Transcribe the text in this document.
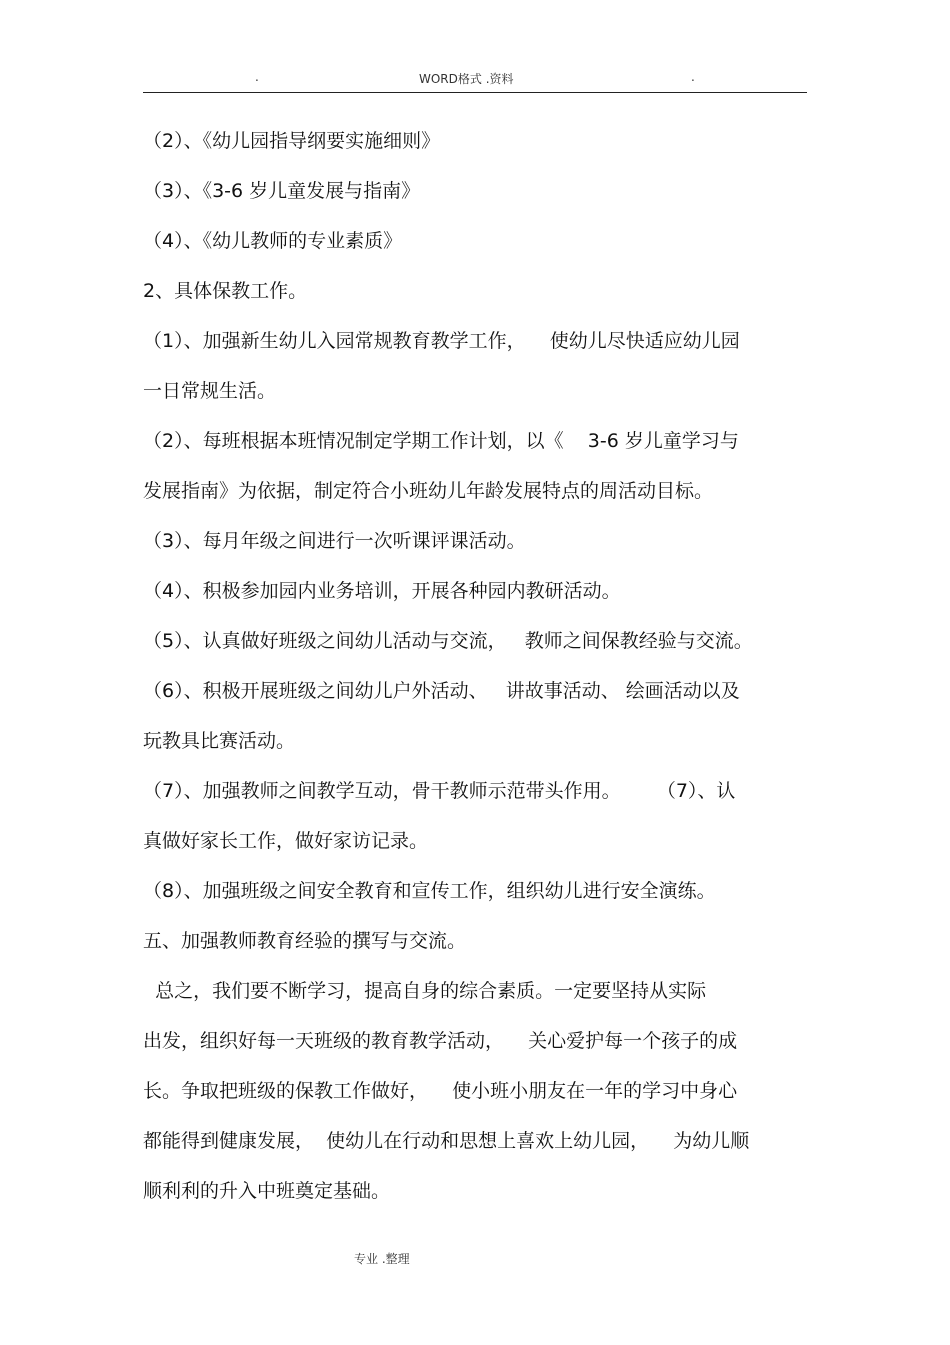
.	WORD格式 .资料	.
（2）、《幼儿园指导纲要实施细则》
（3）、《3-6 岁儿童发展与指南》
（4）、《幼儿教师的专业素质》
2、具体保教工作。
（1）、加强新生幼儿入园常规教育教学工作，    使幼儿尽快适应幼儿园
一日常规生活。
（2）、每班根据本班情况制定学期工作计划，以《    3-6 岁儿童学习与
发展指南》为依据，制定符合小班幼儿年龄发展特点的周活动目标。
（3）、每月年级之间进行一次听课评课活动。
（4）、积极参加园内业务培训，开展各种园内教研活动。
（5）、认真做好班级之间幼儿活动与交流，   教师之间保教经验与交流。
（6）、积极开展班级之间幼儿户外活动、   讲故事活动、 绘画活动以及
玩教具比赛活动。
（7）、加强教师之间教学互动，骨干教师示范带头作用。      （7）、认
真做好家长工作，做好家访记录。
（8）、加强班级之间安全教育和宣传工作，组织幼儿进行安全演练。
五、加强教师教育经验的撰写与交流。
总之，我们要不断学习，提高自身的综合素质。一定要坚持从实际
出发，组织好每一天班级的教育教学活动，    关心爱护每一个孩子的成
长。争取把班级的保教工作做好，    使小班小朋友在一年的学习中身心
都能得到健康发展，  使幼儿在行动和思想上喜欢上幼儿园，    为幼儿顺
顺利利的升入中班奠定基础。
专业 .整理
